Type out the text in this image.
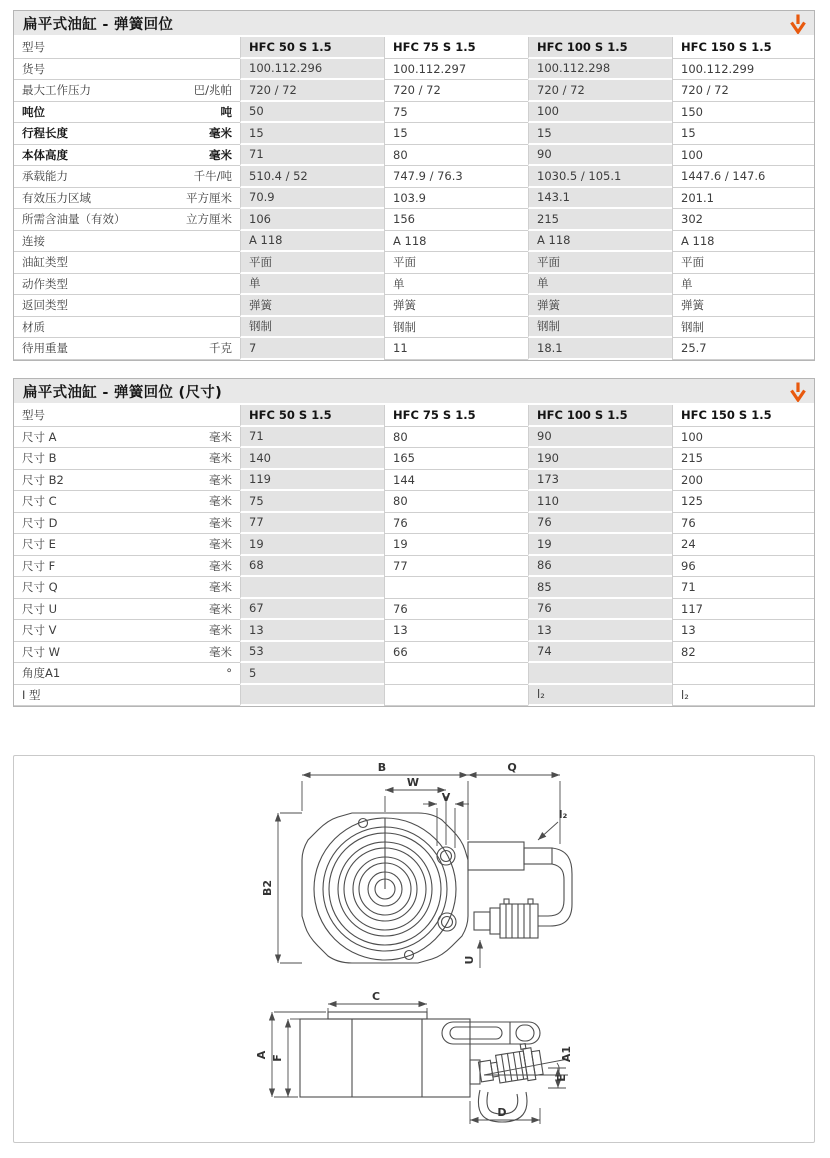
扁平式油缸 - 弹簧回位
型号	HFC 50 S 1.5	HFC 75 S 1.5	HFC 100 S 1.5	HFC 150 S 1.5

货号	100.112.296	100.112.297	100.112.298	100.112.299

最大工作压力 巴/兆帕	720 / 72	720 / 72	720 / 72	720 / 72

吨位 吨	50	75	100	150

行程长度 毫米	15	15	15	15

本体高度 毫米	71	80	90	100

承载能力 千牛/吨	510.4 / 52	747.9 / 76.3	1030.5 / 105.1	1447.6 / 147.6

有效压力区域 平方厘米	70.9	103.9	143.1	201.1

所需含油量（有效） 立方厘米	106	156	215	302

连接	A 118	A 118	A 118	A 118

油缸类型	平面	平面	平面	平面

动作类型	单	单	单	单

返回类型	弹簧	弹簧	弹簧	弹簧

材质	钢制	钢制	钢制	钢制

待用重量 千克	7	11	18.1	25.7
扁平式油缸 - 弹簧回位 (尺寸)
型号	HFC 50 S 1.5	HFC 75 S 1.5	HFC 100 S 1.5	HFC 150 S 1.5

尺寸 A 毫米	71	80	90	100

尺寸 B 毫米	140	165	190	215

尺寸 B2 毫米	119	144	173	200

尺寸 C 毫米	75	80	110	125

尺寸 D 毫米	77	76	76	76

尺寸 E 毫米	19	19	19	24

尺寸 F 毫米	68	77	86	96

尺寸 Q 毫米			85	71

尺寸 U 毫米	67	76	76	117

尺寸 V 毫米	13	13	13	13

尺寸 W 毫米	53	66	74	82

角度A1 °	5			

I 型			l₂	l₂
B	Q
W
V
B2
U
l₂
C
A F
D
E
A1
